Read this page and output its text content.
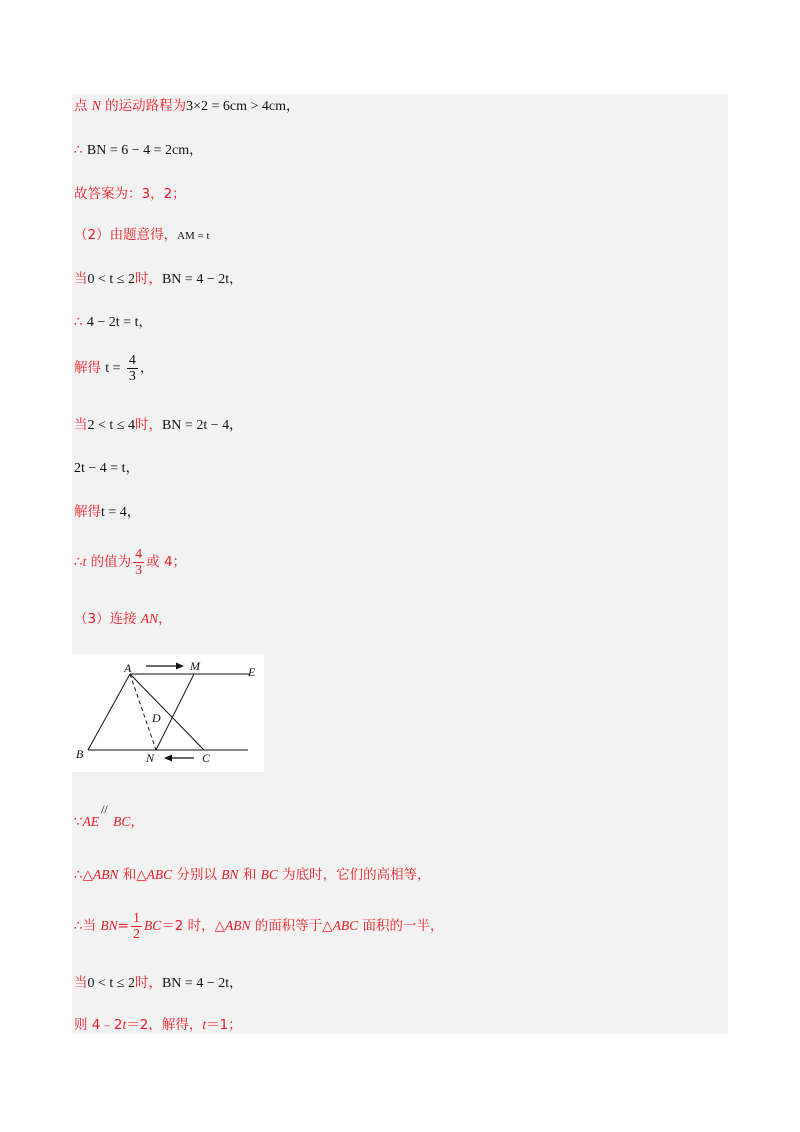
点 N 的运动路程为3×2 = 6cm > 4cm，
∴ BN = 6 − 4 = 2cm，
故答案为：3，2；
（2）由题意得，AM = t
当0 < t ≤ 2时，BN = 4 − 2t，
∴ 4 − 2t = t，
解得 $t = \frac{4}{3}$ ，
当2 < t ≤ 4时，BN = 2t − 4，
2t − 4 = t，
解得t = 4，
∴t 的值为 $\frac{4}{3}$ 或 4；
（3）连接 AN，
A	M	E
D
B	N	C
∵AE
//
BC，
∴△ABN 和△ABC 分别以 BN 和 BC 为底时，它们的高相等，
∴当 $BN= \frac{1}{2} BC=2$ 时，△ABN 的面积等于△ABC 面积的一半，
当0 < t ≤ 2时，BN = 4 − 2t，
则 4﹣2t＝2，解得，t＝1；
